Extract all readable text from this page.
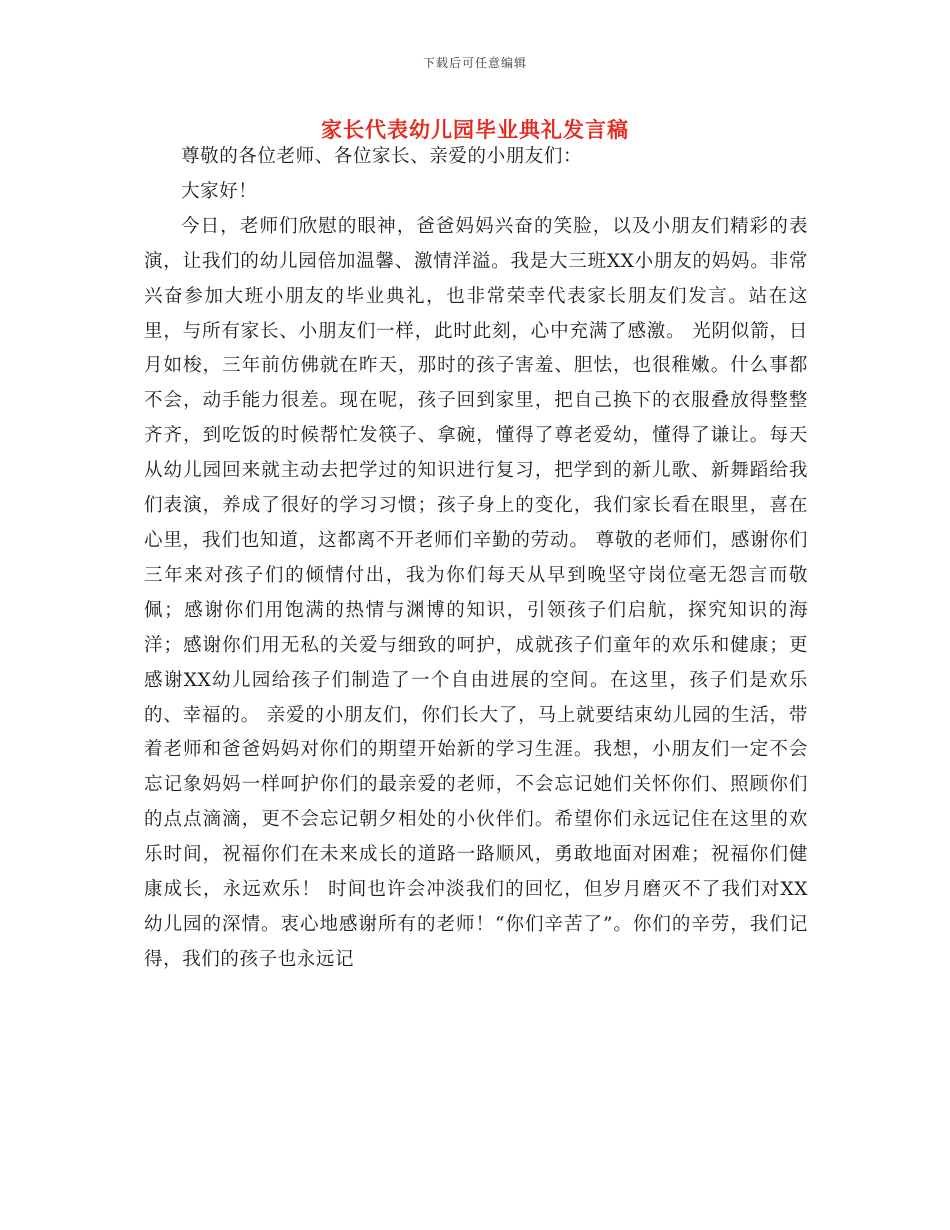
下载后可任意编辑
家长代表幼儿园毕业典礼发言稿

尊敬的各位老师、各位家长、亲爱的小朋友们：

大家好！

今日，老师们欣慰的眼神，爸爸妈妈兴奋的笑脸，以及小朋友们精彩的表演，让我们的幼儿园倍加温馨、激情洋溢。我是大三班XX小朋友的妈妈。非常兴奋参加大班小朋友的毕业典礼，也非常荣幸代表家长朋友们发言。站在这里，与所有家长、小朋友们一样，此时此刻，心中充满了感激。 光阴似箭，日月如梭，三年前仿佛就在昨天，那时的孩子害羞、胆怯，也很稚嫩。什么事都不会，动手能力很差。现在呢，孩子回到家里，把自己换下的衣服叠放得整整齐齐，到吃饭的时候帮忙发筷子、拿碗，懂得了尊老爱幼，懂得了谦让。每天从幼儿园回来就主动去把学过的知识进行复习，把学到的新儿歌、新舞蹈给我们表演，养成了很好的学习习惯；孩子身上的变化，我们家长看在眼里，喜在心里，我们也知道，这都离不开老师们辛勤的劳动。 尊敬的老师们，感谢你们三年来对孩子们的倾情付出，我为你们每天从早到晚坚守岗位毫无怨言而敬佩；感谢你们用饱满的热情与渊博的知识，引领孩子们启航，探究知识的海洋；感谢你们用无私的关爱与细致的呵护，成就孩子们童年的欢乐和健康；更感谢XX幼儿园给孩子们制造了一个自由进展的空间。在这里，孩子们是欢乐的、幸福的。 亲爱的小朋友们，你们长大了，马上就要结束幼儿园的生活，带着老师和爸爸妈妈对你们的期望开始新的学习生涯。我想，小朋友们一定不会忘记象妈妈一样呵护你们的最亲爱的老师，不会忘记她们关怀你们、照顾你们的点点滴滴，更不会忘记朝夕相处的小伙伴们。希望你们永远记住在这里的欢乐时间，祝福你们在未来成长的道路一路顺风，勇敢地面对困难；祝福你们健康成长，永远欢乐！ 时间也许会冲淡我们的回忆，但岁月磨灭不了我们对XX幼儿园的深情。衷心地感谢所有的老师！“你们辛苦了”。你们的辛劳，我们记得，我们的孩子也永远记
